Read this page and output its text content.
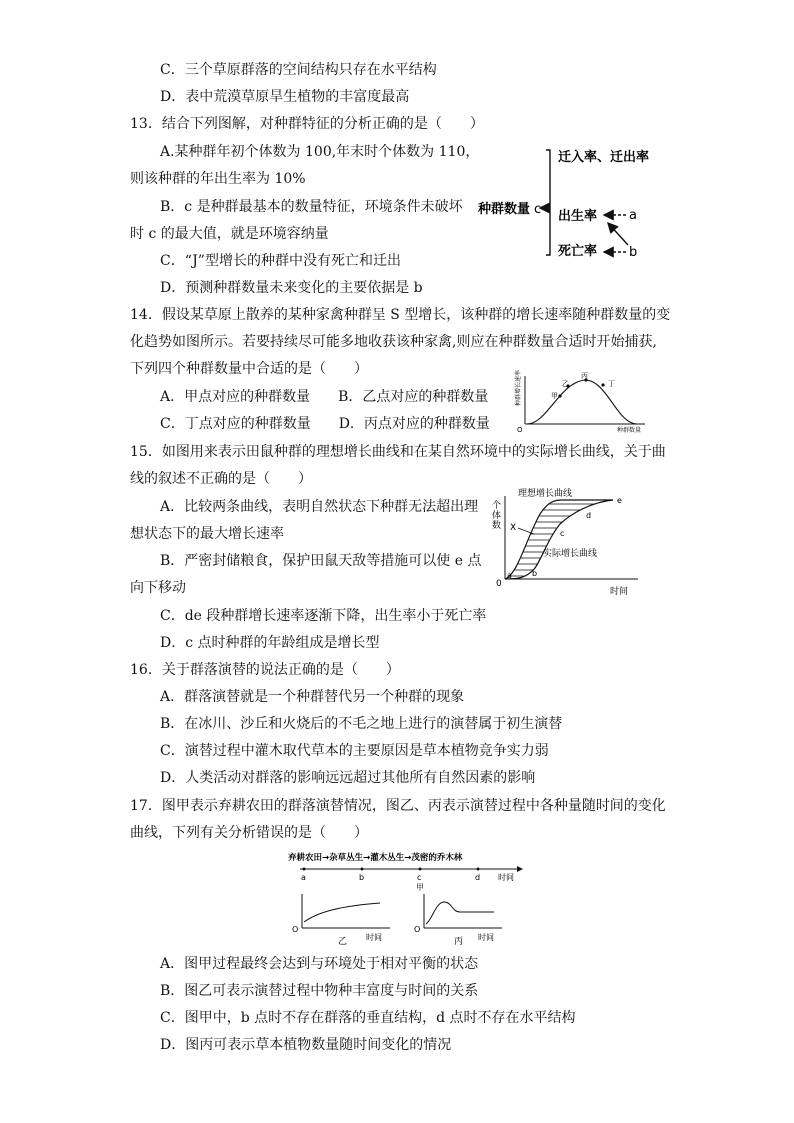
C．三个草原群落的空间结构只存在水平结构
D．表中荒漠草原旱生植物的丰富度最高
13．结合下列图解，对种群特征的分析正确的是（　　）
A.某种群年初个体数为 100,年末时个体数为 110，
则该种群的年出生率为 10%
B．c 是种群最基本的数量特征，环境条件未破坏
时 c 的最大值，就是环境容纳量
C．“J”型增长的种群中没有死亡和迁出
D．预测种群数量未来变化的主要依据是 b
14．假设某草原上散养的某种家禽种群呈 S 型增长，该种群的增长速率随种群数量的变
化趋势如图所示。若要持续尽可能多地收获该种家禽,则应在种群数量合适时开始捕获,
下列四个种群数量中合适的是（　　）
A．甲点对应的种群数量　　B．乙点对应的种群数量
C．丁点对应的种群数量　　D．丙点对应的种群数量
15．如图用来表示田鼠种群的理想增长曲线和在某自然环境中的实际增长曲线，关于曲
线的叙述不正确的是（　　）
A．比较两条曲线，表明自然状态下种群无法超出理
想状态下的最大增长速率
B．严密封储粮食，保护田鼠天敌等措施可以使 e 点
向下移动
C．de 段种群增长速率逐渐下降，出生率小于死亡率
D．c 点时种群的年龄组成是增长型
16．关于群落演替的说法正确的是（　　）
A．群落演替就是一个种群替代另一个种群的现象
B．在冰川、沙丘和火烧后的不毛之地上进行的演替属于初生演替
C．演替过程中灌木取代草本的主要原因是草本植物竞争实力弱
D．人类活动对群落的影响远远超过其他所有自然因素的影响
17．图甲表示弃耕农田的群落演替情况，图乙、丙表示演替过程中各种量随时间的变化
曲线，下列有关分析错误的是（　　）
A．图甲过程最终会达到与环境处于相对平衡的状态
B．图乙可表示演替过程中物种丰富度与时间的关系
C．图甲中，b 点时不存在群落的垂直结构，d 点时不存在水平结构
D．图丙可表示草本植物数量随时间变化的情况
种群数量 c
迁入率、迁出率
出生率
死亡率
a
b
种群增长速率
种群数量
O
甲
乙
丙
丁
个
体
数
理想增长曲线
实际增长曲线
X
时间
0
a	b
c
d
e
弃耕农田→杂草丛生→灌木丛生→茂密的乔木林
a	b	c	d 时间
甲
O
时间
乙
O
时间
丙
